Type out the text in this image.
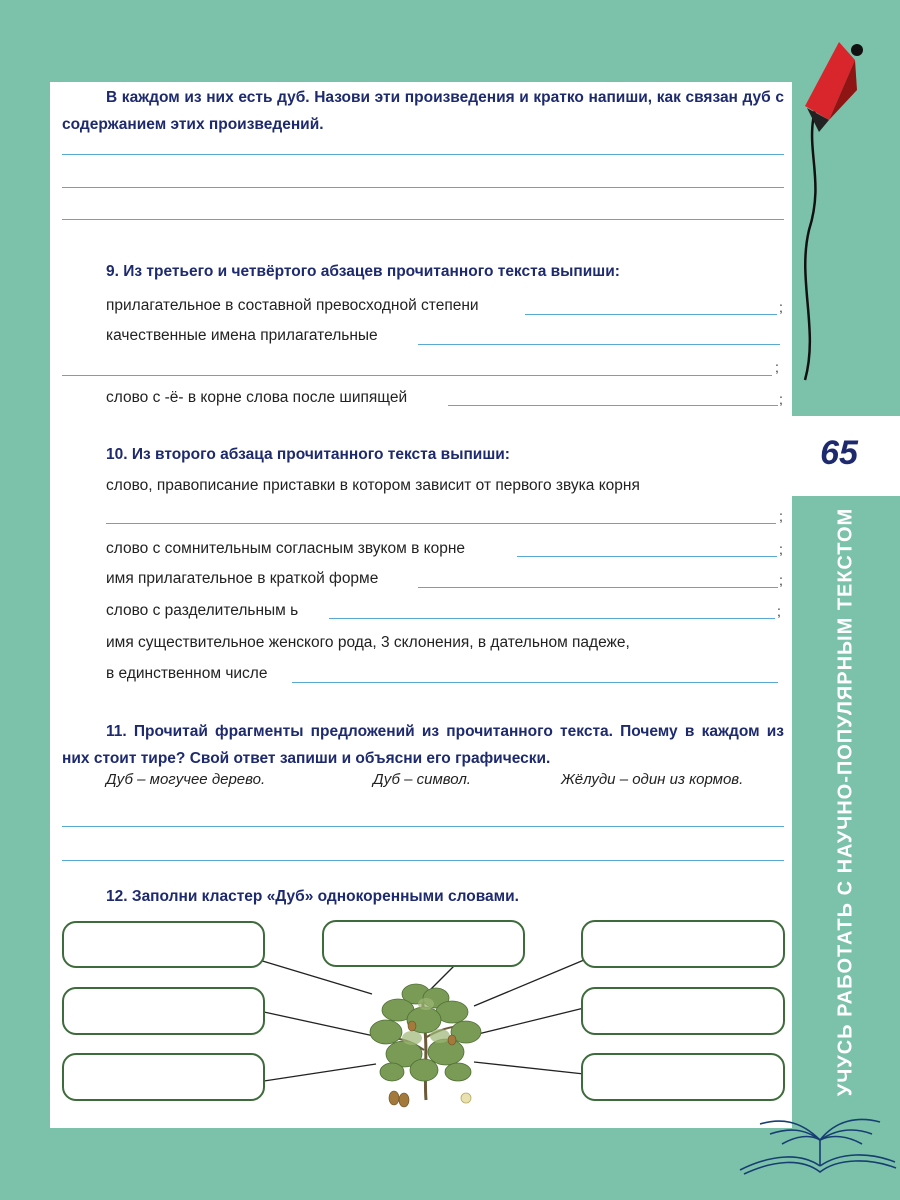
В каждом из них есть дуб. Назови эти произведения и кратко напиши, как связан дуб с содержанием этих произведений.
9. Из третьего и четвёртого абзацев прочитанного текста выпиши:
прилагательное в составной превосходной степени	;
качественные имена прилагательные
;
слово с -ё- в корне слова после шипящей	;
10. Из второго абзаца прочитанного текста выпиши:
слово, правописание приставки в котором зависит от первого звука корня
;
слово с сомнительным согласным звуком в корне	;
имя прилагательное в краткой форме	;
слово с разделительным ь	;
имя существительное женского рода, 3 склонения, в дательном падеже,
в единственном числе
11. Прочитай фрагменты предложений из прочитанного текста. Почему в каждом из них стоит тире? Свой ответ запиши и объясни его графически.
Дуб – могучее дерево.	Дуб – символ.	Жёлуди – один из кормов.
12. Заполни кластер «Дуб» однокоренными словами.
65
УЧУСЬ РАБОТАТЬ С НАУЧНО-ПОПУЛЯРНЫМ ТЕКСТОМ
